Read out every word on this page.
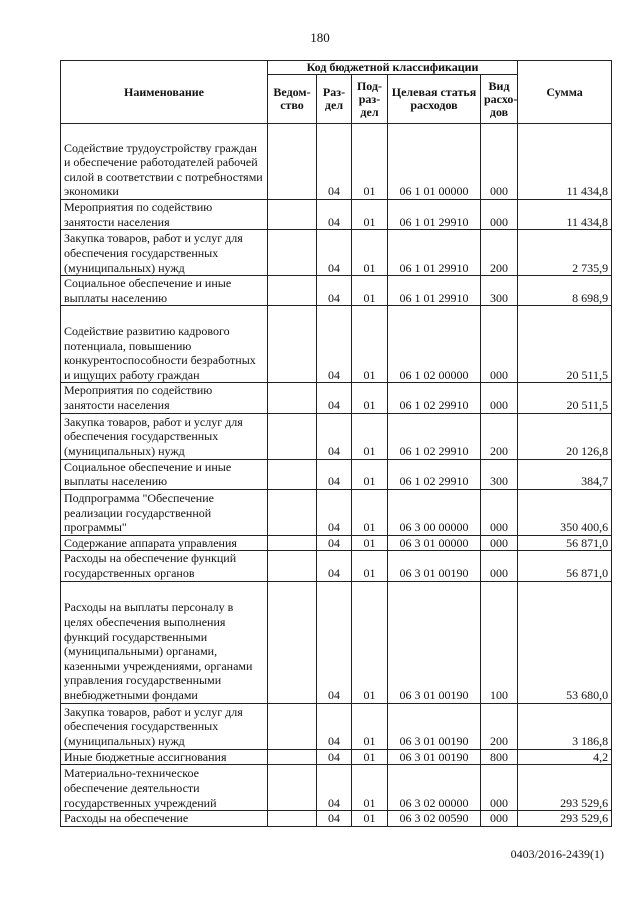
180
Наименование	Код бюджетной классификации					Сумма
	Ведом-ство	Раз-дел	Под-раз-дел	Целевая статья расходов	Вид расхо-дов	
Содействие трудоустройству граждан и обеспечение работодателей рабочей силой в соответствии с потребностями экономики		04	01	06 1 01 00000	000	11 434,8
Мероприятия по содействию занятости населения		04	01	06 1 01 29910	000	11 434,8
Закупка товаров, работ и услуг для обеспечения государственных (муниципальных) нужд		04	01	06 1 01 29910	200	2 735,9
Социальное обеспечение и иные выплаты населению		04	01	06 1 01 29910	300	8 698,9
Содействие развитию кадрового потенциала, повышению конкурентоспособности безработных и ищущих работу граждан		04	01	06 1 02 00000	000	20 511,5
Мероприятия по содействию занятости населения		04	01	06 1 02 29910	000	20 511,5
Закупка товаров, работ и услуг для обеспечения государственных (муниципальных) нужд		04	01	06 1 02 29910	200	20 126,8
Социальное обеспечение и иные выплаты населению		04	01	06 1 02 29910	300	384,7
Подпрограмма "Обеспечение реализации государственной программы"		04	01	06 3 00 00000	000	350 400,6
Содержание аппарата управления		04	01	06 3 01 00000	000	56 871,0
Расходы на обеспечение функций государственных органов		04	01	06 3 01 00190	000	56 871,0
Расходы на выплаты персоналу в целях обеспечения выполнения функций государственными (муниципальными) органами, казенными учреждениями, органами управления государственными внебюджетными фондами		04	01	06 3 01 00190	100	53 680,0
Закупка товаров, работ и услуг для обеспечения государственных (муниципальных) нужд		04	01	06 3 01 00190	200	3 186,8
Иные бюджетные ассигнования		04	01	06 3 01 00190	800	4,2
Материально-техническое обеспечение деятельности государственных учреждений		04	01	06 3 02 00000	000	293 529,6
Расходы на обеспечение		04	01	06 3 02 00590	000	293 529,6
0403/2016-2439(1)
